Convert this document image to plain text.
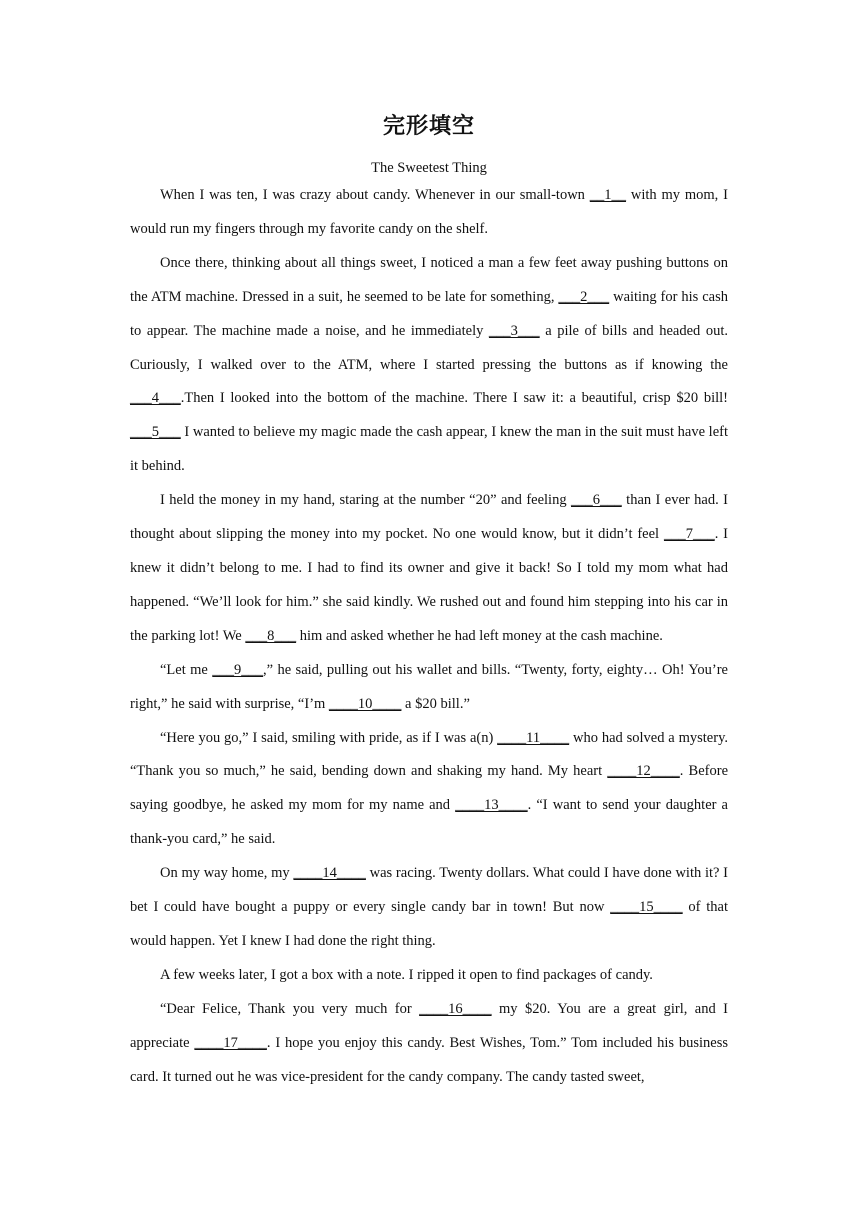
完形填空
The Sweetest Thing

When I was ten, I was crazy about candy. Whenever in our small-town __1__ with my mom, I would run my fingers through my favorite candy on the shelf.

Once there, thinking about all things sweet, I noticed a man a few feet away pushing buttons on the ATM machine. Dressed in a suit, he seemed to be late for something, ___2___ waiting for his cash to appear. The machine made a noise, and he immediately ___3___ a pile of bills and headed out. Curiously, I walked over to the ATM, where I started pressing the buttons as if knowing the ___4___.Then I looked into the bottom of the machine. There I saw it: a beautiful, crisp $20 bill! ___5___ I wanted to believe my magic made the cash appear, I knew the man in the suit must have left it behind.

I held the money in my hand, staring at the number “20” and feeling ___6___ than I ever had. I thought about slipping the money into my pocket. No one would know, but it didn’t feel ___7___. I knew it didn’t belong to me. I had to find its owner and give it back! So I told my mom what had happened. “We’ll look for him.” she said kindly. We rushed out and found him stepping into his car in the parking lot! We ___8___ him and asked whether he had left money at the cash machine.

“Let me ___9___,” he said, pulling out his wallet and bills. “Twenty, forty, eighty… Oh! You’re right,” he said with surprise, “I’m ____10____ a $20 bill.”

“Here you go,” I said, smiling with pride, as if I was a(n) ____11____ who had solved a mystery. “Thank you so much,” he said, bending down and shaking my hand. My heart ____12____. Before saying goodbye, he asked my mom for my name and ____13____. “I want to send your daughter a thank-you card,” he said.

On my way home, my ____14____ was racing. Twenty dollars. What could I have done with it? I bet I could have bought a puppy or every single candy bar in town! But now ____15____ of that would happen. Yet I knew I had done the right thing.

A few weeks later, I got a box with a note. I ripped it open to find packages of candy.

“Dear Felice, Thank you very much for ____16____ my $20. You are a great girl, and I appreciate ____17____. I hope you enjoy this candy. Best Wishes, Tom.” Tom included his business card. It turned out he was vice-president for the candy company. The candy tasted sweet,
